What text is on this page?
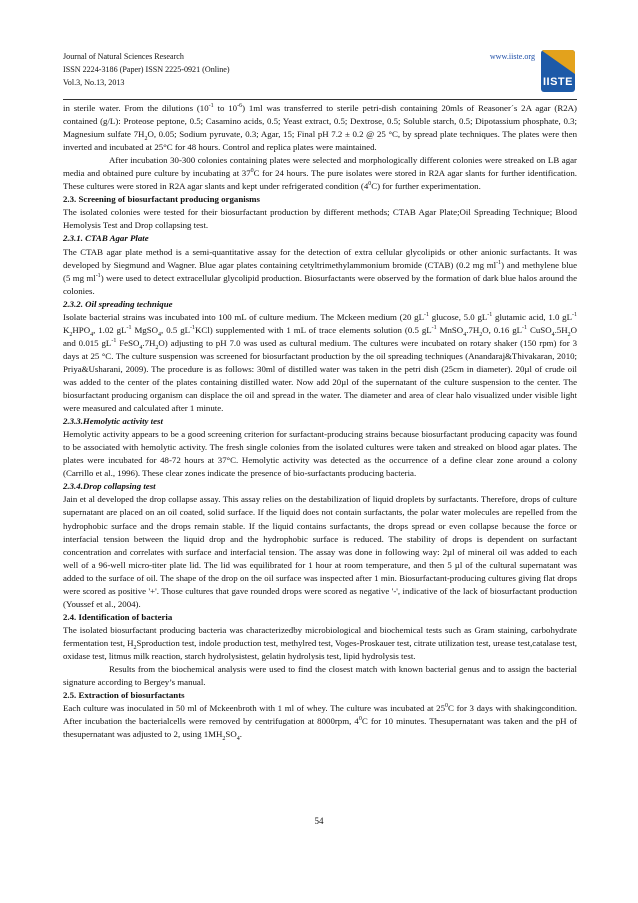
Journal of Natural Sciences Research
ISSN 2224-3186 (Paper) ISSN 2225-0921 (Online)
Vol.3, No.13, 2013
www.iiste.org
IISTE

in sterile water. From the dilutions ($10^{-1}$ to $10^{-6}$) 1ml was transferred to sterile petri-dish containing 20mls of Reasoner´s 2A agar (R2A) contained (g/L): Proteose peptone, 0.5; Casamino acids, 0.5; Yeast extract, 0.5; Dextrose, 0.5; Soluble starch, 0.5; Dipotassium phosphate, 0.3; Magnesium sulfate $7H_2O$, 0.05; Sodium pyruvate, 0.3; Agar, 15; Final pH 7.2 ± 0.2 @ 25 °C, by spread plate techniques. The plates were then inverted and incubated at 25°C for 48 hours. Control and replica plates were maintained.

After incubation 30-300 colonies containing plates were selected and morphologically different colonies were streaked on LB agar media and obtained pure culture by incubating at $37^0C$ for 24 hours. The pure isolates were stored in R2A agar slants for further identification. These cultures were stored in R2A agar slants and kept under refrigerated condition $(4^0C)$ for further experimentation.

2.3. Screening of biosurfactant producing organisms

The isolated colonies were tested for their biosurfactant production by different methods; CTAB Agar Plate;Oil Spreading Technique; Blood Hemolysis Test and Drop collapsing test.

2.3.1. CTAB Agar Plate

The CTAB agar plate method is a semi-quantitative assay for the detection of extra cellular glycolipids or other anionic surfactants. It was developed by Siegmund and Wagner. Blue agar plates containing cetyltrimethylammonium bromide (CTAB) (0.2 mg $ml^{-1}$) and methylene blue (5 mg $ml^{-1}$) were used to detect extracellular glycolipid production. Biosurfactants were observed by the formation of dark blue halos around the colonies.

2.3.2. Oil spreading technique

Isolate bacterial strains was incubated into 100 mL of culture medium. The Mckeen medium (20 $gL^{-1}$ glucose, 5.0 $gL^{-1}$ glutamic acid, 1.0 $gL^{-1}$ $K_2HPO_4$, 1.02 $gL^{-1}$ MgSO$_4$, 0.5 $gL^{-1}KCl$) supplemented with 1 mL of trace elements solution (0.5 $gL^{-1}$ $MnSO_4.7H_2O$, 0.16 $gL^{-1}$ $CuSO_4.5H_2O$ and 0.015 $gL^{-1}$ $FeSO_4.7H_2O$) adjusting to pH 7.0 was used as cultural medium. The cultures were incubated on rotary shaker (150 rpm) for 3 days at 25 °C. The culture suspension was screened for biosurfactant production by the oil spreading techniques (Anandaraj&Thivakaran, 2010; Priya&Usharani, 2009). The procedure is as follows: 30ml of distilled water was taken in the petri dish (25cm in diameter). 20µl of crude oil was added to the center of the plates containing distilled water. Now add 20µl of the supernatant of the culture suspension to the center. The biosurfactant producing organism can displace the oil and spread in the water. The diameter and area of clear halo visualized under visible light were measured and calculated after 1 minute.

2.3.3.Hemolytic activity test

Hemolytic activity appears to be a good screening criterion for surfactant-producing strains because biosurfactant producing capacity was found to be associated with hemolytic activity. The fresh single colonies from the isolated cultures were taken and streaked on blood agar plates. The plates were incubated for 48-72 hours at 37°C. Hemolytic activity was detected as the occurrence of a define clear zone around a colony (Carrillo et al., 1996). These clear zones indicate the presence of bio-surfactants producing bacteria.

2.3.4.Drop collapsing test

Jain et al developed the drop collapse assay. This assay relies on the destabilization of liquid droplets by surfactants. Therefore, drops of culture supernatant are placed on an oil coated, solid surface. If the liquid does not contain surfactants, the polar water molecules are repelled from the hydrophobic surface and the drops remain stable. If the liquid contains surfactants, the drops spread or even collapse because the force or interfacial tension between the liquid drop and the hydrophobic surface is reduced. The stability of drops is dependent on surfactant concentration and correlates with surface and interfacial tension. The assay was done in following way: 2µl of mineral oil was added to each well of a 96-well micro-titer plate lid. The lid was equilibrated for 1 hour at room temperature, and then 5 µl of the cultural supernatant was added to the surface of oil. The shape of the drop on the oil surface was inspected after 1 min. Biosurfactant-producing cultures giving flat drops were scored as positive '+'. Those cultures that gave rounded drops were scored as negative '-', indicative of the lack of biosurfactant production (Youssef et al., 2004).

2.4. Identification of bacteria

The isolated biosurfactant producing bacteria was characterizedby microbiological and biochemical tests such as Gram staining, carbohydrate fermentation test, $H_2Sproduction$ test, indole production test, methylred test, Voges-Proskauer test, citrate utilization test, urease test,catalase test, oxidase test, litmus milk reaction, starch hydrolysistest, gelatin hydrolysis test, lipid hydrolysis test.

Results from the biochemical analysis were used to find the closest match with known bacterial genus and to assign the bacterial signature according to Bergey’s manual.

2.5. Extraction of biosurfactants

Each culture was inoculated in 50 ml of Mckeenbroth with 1 ml of whey. The culture was incubated at $25^0C$ for 3 days with shakingcondition. After incubation the bacterialcells were removed by centrifugation at 8000rpm, $4^0C$ for 10 minutes. Thesupernatant was taken and the pH of thesupernatant was adjusted to 2, using $1MH_2SO_4$.

54
